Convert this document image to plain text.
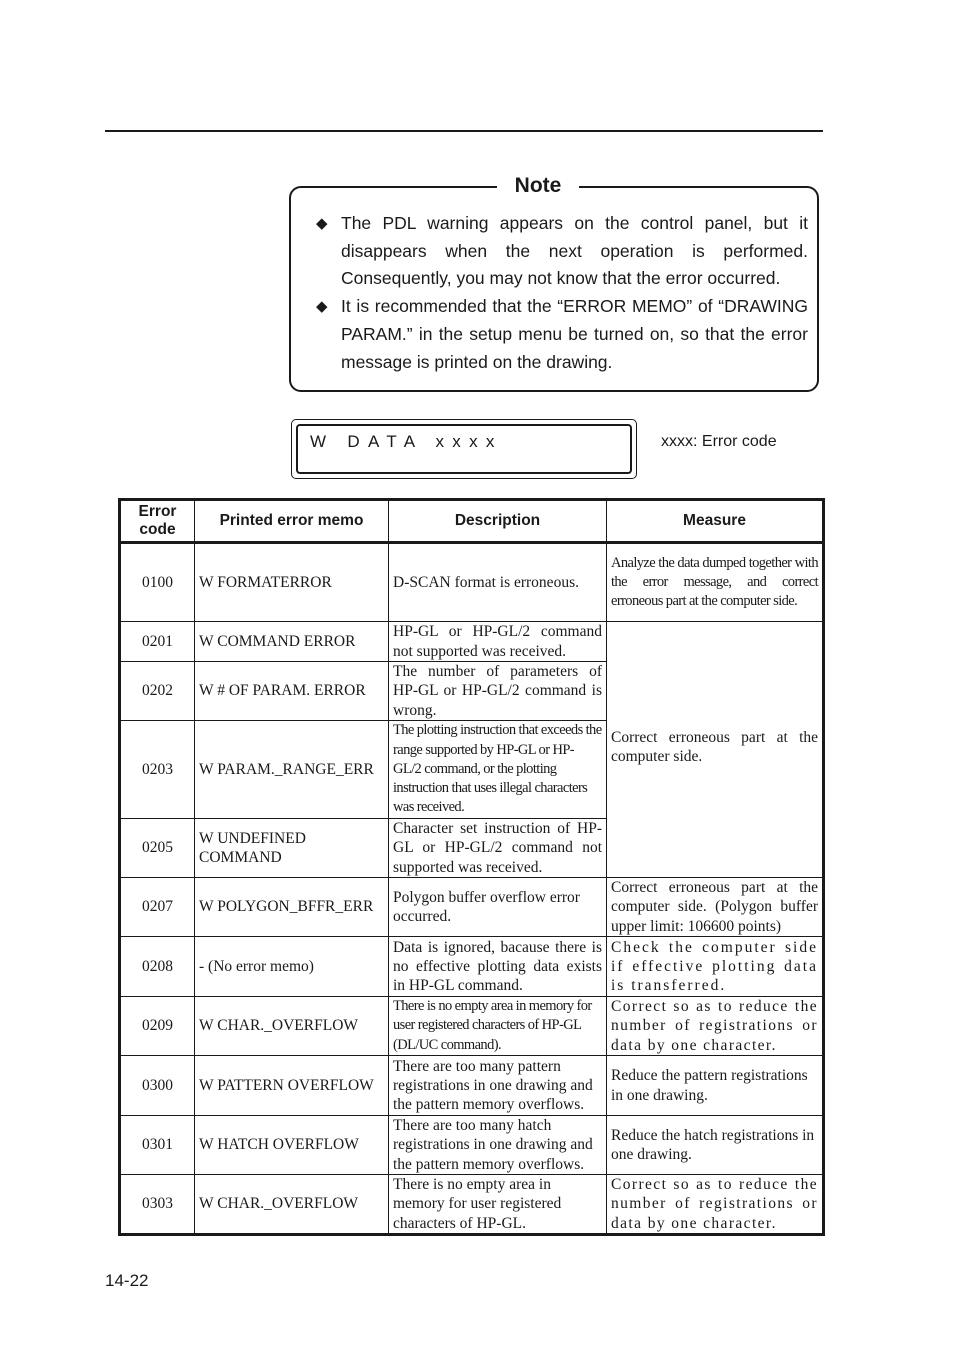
Note
◆ The PDL warning appears on the control panel, but it disappears when the next operation is performed. Consequently, you may not know that the error occurred.
◆ It is recommended that the “ERROR MEMO” of “DRAWING PARAM.” in the setup menu be turned on, so that the error message is printed on the drawing.
W DATA xxxx	xxxx: Error code
Error code	Printed error memo	Description	Measure
0100	W FORMATERROR	D-SCAN format is erroneous.	Analyze the data dumped together with the error message, and correct erroneous part at the computer side.
0201	W COMMAND ERROR	HP-GL or HP-GL/2 command not supported was received.	Correct erroneous part at the computer side.
0202	W # OF PARAM. ERROR	The number of parameters of HP-GL or HP-GL/2 command is wrong.	
0203	W PARAM._RANGE_ERR	The plotting instruction that exceeds the range supported by HP-GL or HP-GL/2 command, or the plotting instruction that uses illegal characters was received.	
0205	W UNDEFINED COMMAND	Character set instruction of HP-GL or HP-GL/2 command not supported was received.	
0207	W POLYGON_BFFR_ERR	Polygon buffer overflow error occurred.	Correct erroneous part at the computer side. (Polygon buffer upper limit: 106600 points)
0208	- (No error memo)	Data is ignored, bacause there is no effective plotting data exists in HP-GL command.	Check the computer side if effective plotting data is transferred.
0209	W CHAR._OVERFLOW	There is no empty area in memory for user registered characters of HP-GL (DL/UC command).	Correct so as to reduce the number of registrations or data by one character.
0300	W PATTERN OVERFLOW	There are too many pattern registrations in one drawing and the pattern memory overflows.	Reduce the pattern registrations in one drawing.
0301	W HATCH OVERFLOW	There are too many hatch registrations in one drawing and the pattern memory overflows.	Reduce the hatch registrations in one drawing.
0303	W CHAR._OVERFLOW	There is no empty area in memory for user registered characters of HP-GL.	Correct so as to reduce the number of registrations or data by one character.
14-22
